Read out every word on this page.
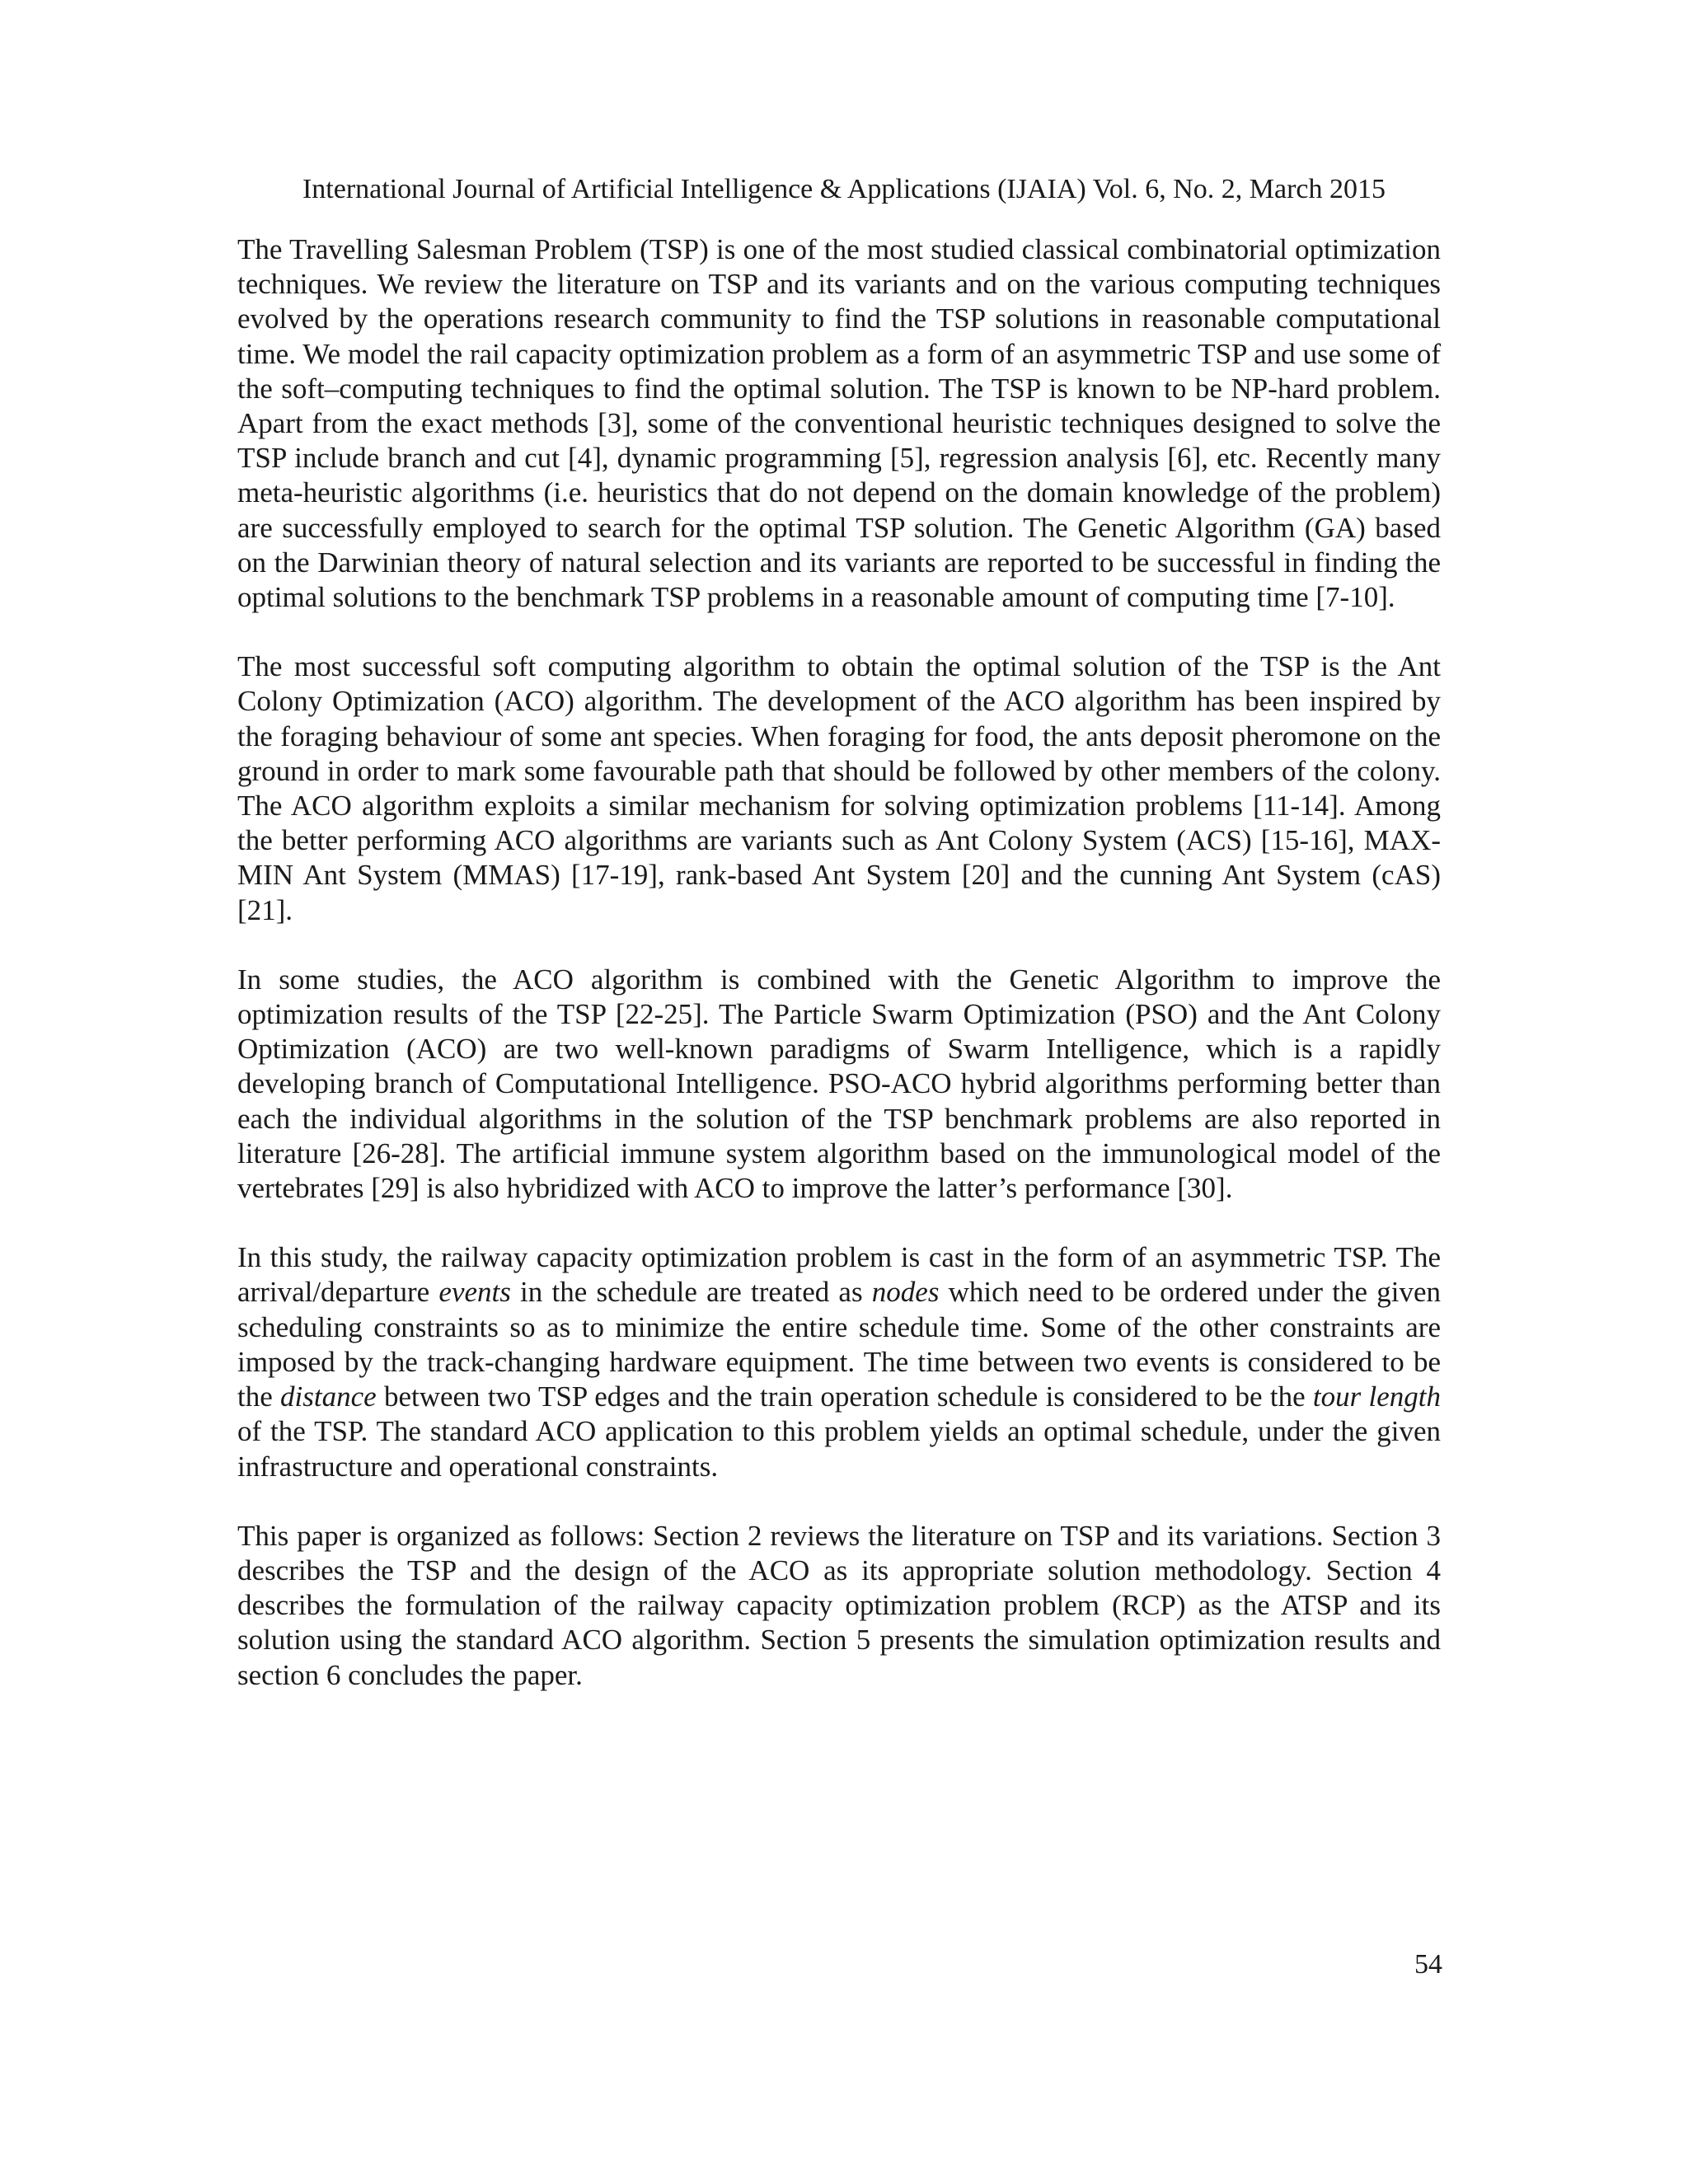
International Journal of Artificial Intelligence & Applications (IJAIA) Vol. 6, No. 2, March 2015

The Travelling Salesman Problem (TSP) is one of the most studied classical combinatorial optimization techniques. We review the literature on TSP and its variants and on the various computing techniques evolved by the operations research community to find the TSP solutions in reasonable computational time. We model the rail capacity optimization problem as a form of an asymmetric TSP and use some of the soft–computing techniques to find the optimal solution. The TSP is known to be NP-hard problem. Apart from the exact methods [3], some of the conventional heuristic techniques designed to solve the TSP include branch and cut [4], dynamic programming [5], regression analysis [6], etc. Recently many meta-heuristic algorithms (i.e. heuristics that do not depend on the domain knowledge of the problem) are successfully employed to search for the optimal TSP solution. The Genetic Algorithm (GA) based on the Darwinian theory of natural selection and its variants are reported to be successful in finding the optimal solutions to the benchmark TSP problems in a reasonable amount of computing time [7-10].

The most successful soft computing algorithm to obtain the optimal solution of the TSP is the Ant Colony Optimization (ACO) algorithm. The development of the ACO algorithm has been inspired by the foraging behaviour of some ant species. When foraging for food, the ants deposit pheromone on the ground in order to mark some favourable path that should be followed by other members of the colony. The ACO algorithm exploits a similar mechanism for solving optimization problems [11-14]. Among the better performing ACO algorithms are variants such as Ant Colony System (ACS) [15-16], MAX-MIN Ant System (MMAS) [17-19], rank-based Ant System [20] and the cunning Ant System (cAS) [21].

In some studies, the ACO algorithm is combined with the Genetic Algorithm to improve the optimization results of the TSP [22-25]. The Particle Swarm Optimization (PSO) and the Ant Colony Optimization (ACO) are two well-known paradigms of Swarm Intelligence, which is a rapidly developing branch of Computational Intelligence. PSO-ACO hybrid algorithms performing better than each the individual algorithms in the solution of the TSP benchmark problems are also reported in literature [26-28]. The artificial immune system algorithm based on the immunological model of the vertebrates [29] is also hybridized with ACO to improve the latter’s performance [30].

In this study, the railway capacity optimization problem is cast in the form of an asymmetric TSP. The arrival/departure events in the schedule are treated as nodes which need to be ordered under the given scheduling constraints so as to minimize the entire schedule time. Some of the other constraints are imposed by the track-changing hardware equipment. The time between two events is considered to be the distance between two TSP edges and the train operation schedule is considered to be the tour length of the TSP. The standard ACO application to this problem yields an optimal schedule, under the given infrastructure and operational constraints.

This paper is organized as follows: Section 2 reviews the literature on TSP and its variations. Section 3 describes the TSP and the design of the ACO as its appropriate solution methodology. Section 4 describes the formulation of the railway capacity optimization problem (RCP) as the ATSP and its solution using the standard ACO algorithm. Section 5 presents the simulation optimization results and section 6 concludes the paper.

54
